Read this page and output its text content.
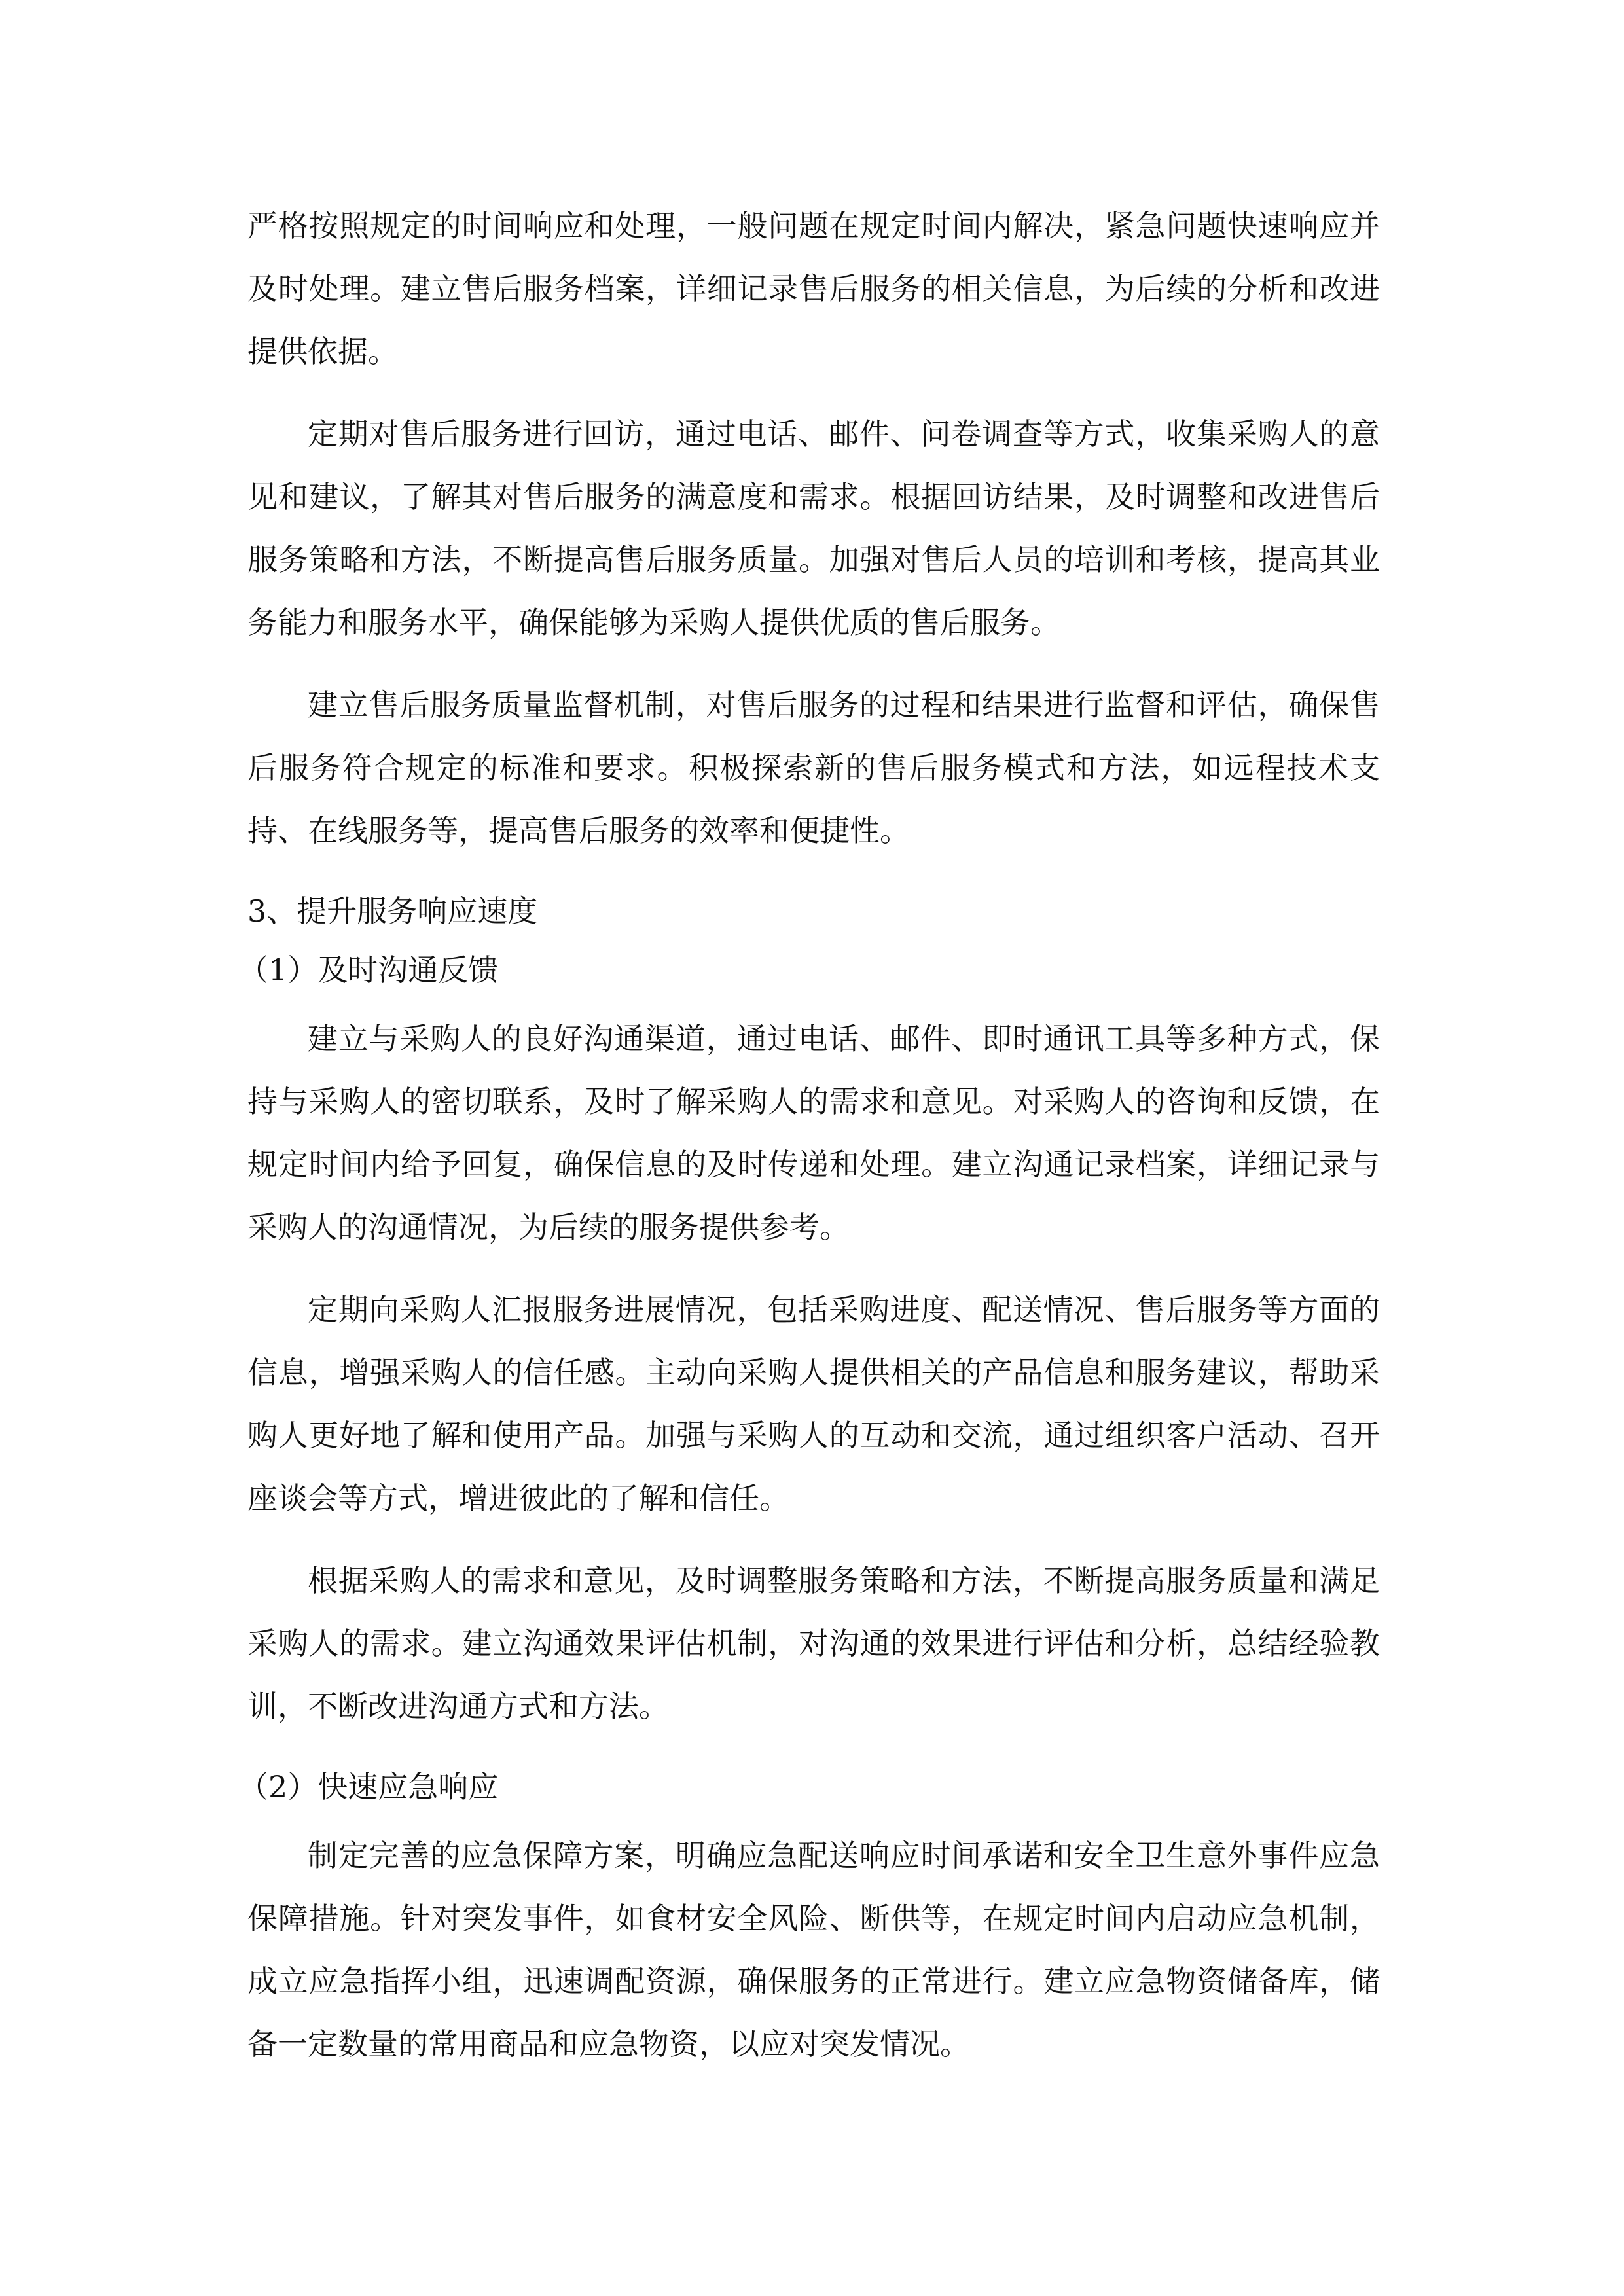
严格按照规定的时间响应和处理，一般问题在规定时间内解决，紧急问题快速响应并及时处理。建立售后服务档案，详细记录售后服务的相关信息，为后续的分析和改进提供依据。

定期对售后服务进行回访，通过电话、邮件、问卷调查等方式，收集采购人的意见和建议，了解其对售后服务的满意度和需求。根据回访结果，及时调整和改进售后服务策略和方法，不断提高售后服务质量。加强对售后人员的培训和考核，提高其业务能力和服务水平，确保能够为采购人提供优质的售后服务。

建立售后服务质量监督机制，对售后服务的过程和结果进行监督和评估，确保售后服务符合规定的标准和要求。积极探索新的售后服务模式和方法，如远程技术支持、在线服务等，提高售后服务的效率和便捷性。

3、提升服务响应速度
（1）及时沟通反馈

建立与采购人的良好沟通渠道，通过电话、邮件、即时通讯工具等多种方式，保持与采购人的密切联系，及时了解采购人的需求和意见。对采购人的咨询和反馈，在规定时间内给予回复，确保信息的及时传递和处理。建立沟通记录档案，详细记录与采购人的沟通情况，为后续的服务提供参考。

定期向采购人汇报服务进展情况，包括采购进度、配送情况、售后服务等方面的信息，增强采购人的信任感。主动向采购人提供相关的产品信息和服务建议，帮助采购人更好地了解和使用产品。加强与采购人的互动和交流，通过组织客户活动、召开座谈会等方式，增进彼此的了解和信任。

根据采购人的需求和意见，及时调整服务策略和方法，不断提高服务质量和满足采购人的需求。建立沟通效果评估机制，对沟通的效果进行评估和分析，总结经验教训，不断改进沟通方式和方法。

（2）快速应急响应

制定完善的应急保障方案，明确应急配送响应时间承诺和安全卫生意外事件应急保障措施。针对突发事件，如食材安全风险、断供等，在规定时间内启动应急机制，成立应急指挥小组，迅速调配资源，确保服务的正常进行。建立应急物资储备库，储备一定数量的常用商品和应急物资，以应对突发情况。
